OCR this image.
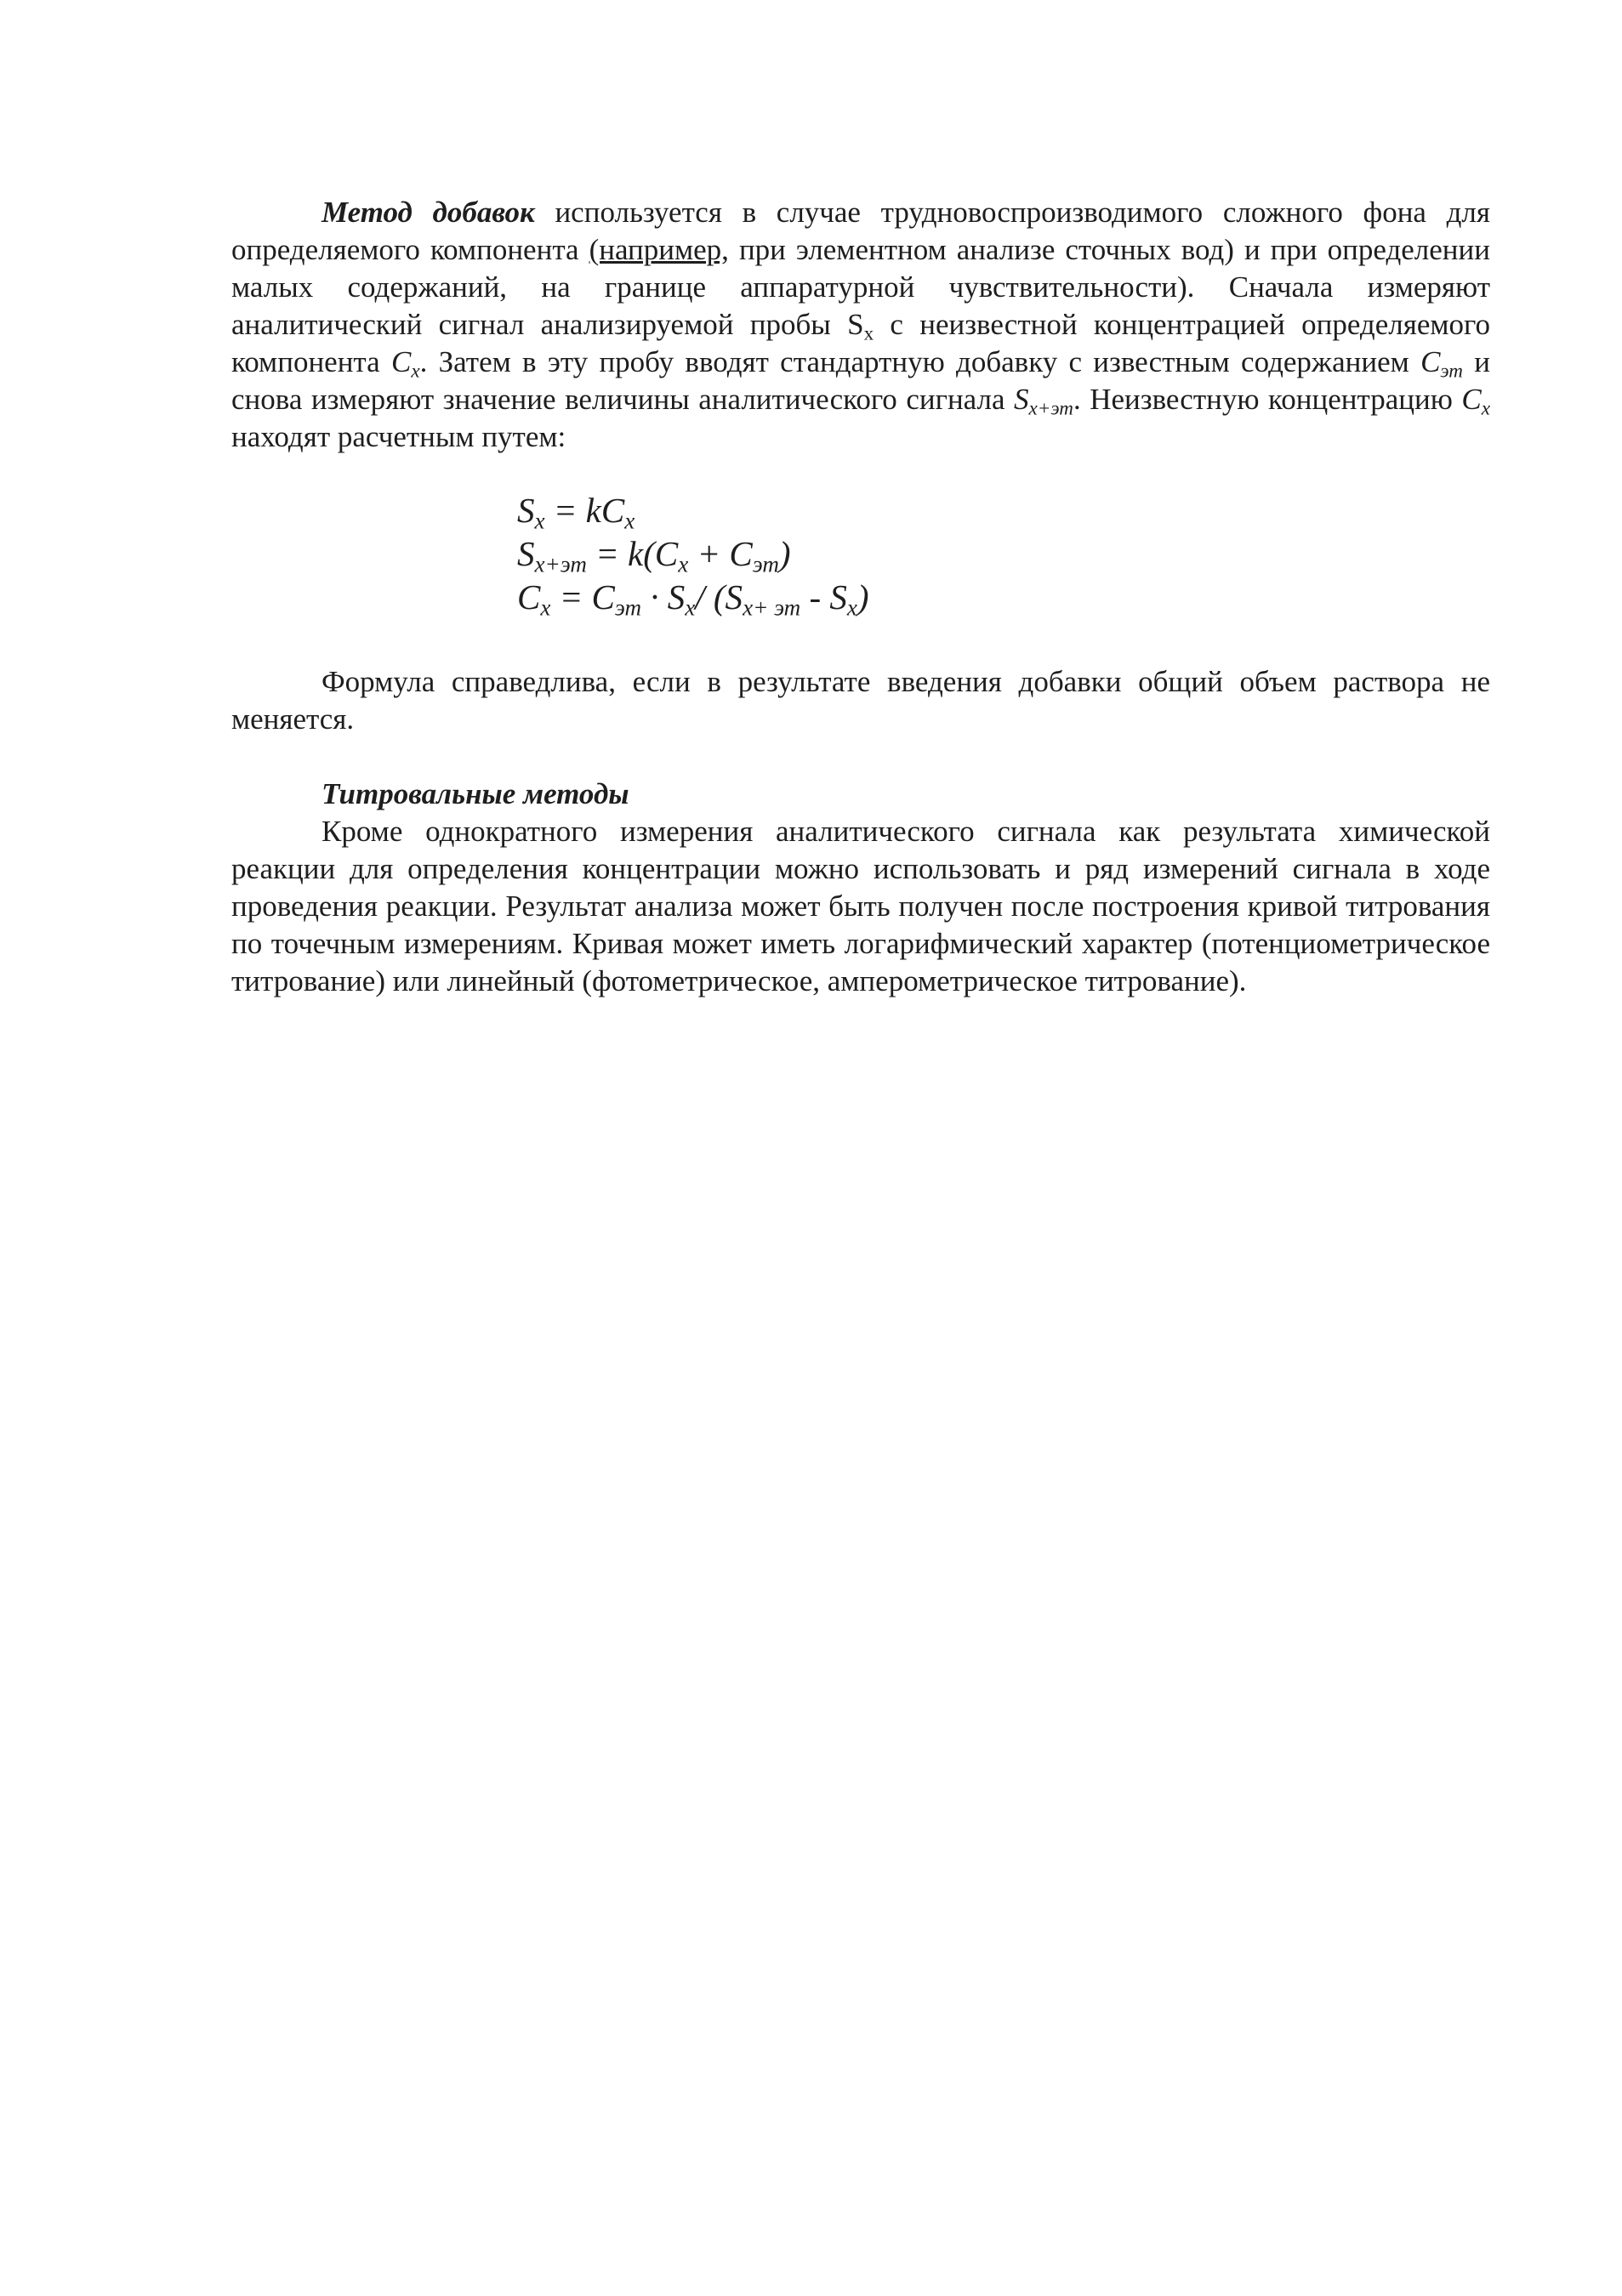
Метод добавок используется в случае трудновоспроизводимого сложного фона для определяемого компонента (например, при элементном анализе сточных вод) и при определении малых содержаний, на границе аппаратурной чувствительности). Сначала измеряют аналитический сигнал анализируемой пробы $S_x$ с неизвестной концентрацией определяемого компонента $C_x$. Затем в эту пробу вводят стандартную добавку с известным содержанием $C_{эт}$ и снова измеряют значение величины аналитического сигнала $S_{x+эт}$. Неизвестную концентрацию $C_x$ находят расчетным путем:

$S_x = kC_x$
$S_{x+эт} = k(C_x + C_{эт})$
$C_x = C_{эт} \cdot S_x/$ $(S_{x+ эт} - S_x)$

Формула справедлива, если в результате введения добавки общий объем раствора не меняется.

Титровальные методы

Кроме однократного измерения аналитического сигнала как результата химической реакции для определения концентрации можно использовать и ряд измерений сигнала в ходе проведения реакции. Результат анализа может быть получен после построения кривой титрования по точечным измерениям. Кривая может иметь логарифмический характер (потенциометрическое титрование) или линейный (фотометрическое, амперометрическое титрование).
